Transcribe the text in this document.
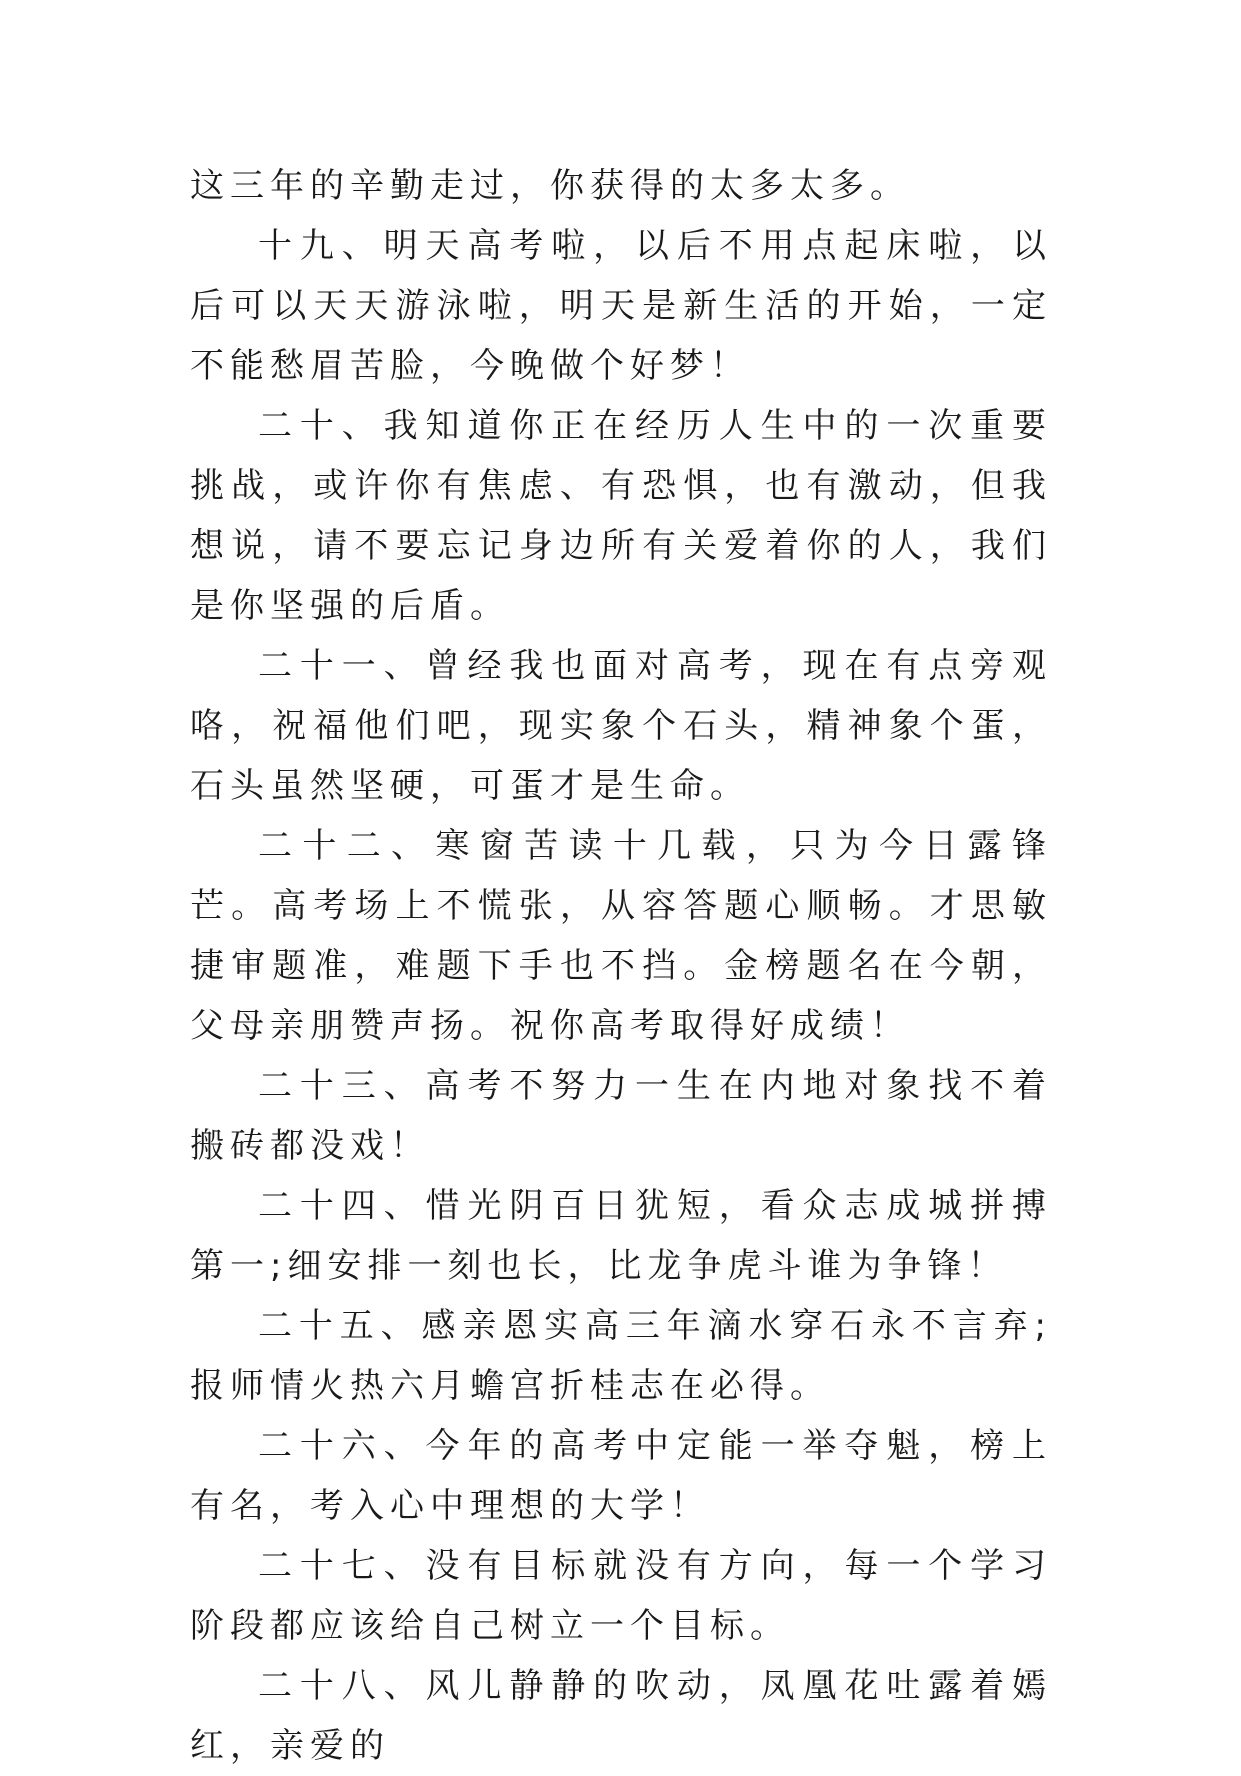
这三年的辛勤走过，你获得的太多太多。

十九、明天高考啦，以后不用点起床啦，以后可以天天游泳啦，明天是新生活的开始，一定不能愁眉苦脸，今晚做个好梦！

二十、我知道你正在经历人生中的一次重要挑战，或许你有焦虑、有恐惧，也有激动，但我想说，请不要忘记身边所有关爱着你的人，我们是你坚强的后盾。

二十一、曾经我也面对高考，现在有点旁观咯，祝福他们吧，现实象个石头，精神象个蛋，石头虽然坚硬，可蛋才是生命。

二十二、寒窗苦读十几载，只为今日露锋芒。高考场上不慌张，从容答题心顺畅。才思敏捷审题准，难题下手也不挡。金榜题名在今朝，父母亲朋赞声扬。祝你高考取得好成绩！

二十三、高考不努力一生在内地对象找不着搬砖都没戏！

二十四、惜光阴百日犹短，看众志成城拼搏第一;细安排一刻也长，比龙争虎斗谁为争锋！

二十五、感亲恩实高三年滴水穿石永不言弃;报师情火热六月蟾宫折桂志在必得。

二十六、今年的高考中定能一举夺魁，榜上有名，考入心中理想的大学！

二十七、没有目标就没有方向，每一个学习阶段都应该给自己树立一个目标。

二十八、风儿静静的吹动，凤凰花吐露着嫣红，亲爱的
